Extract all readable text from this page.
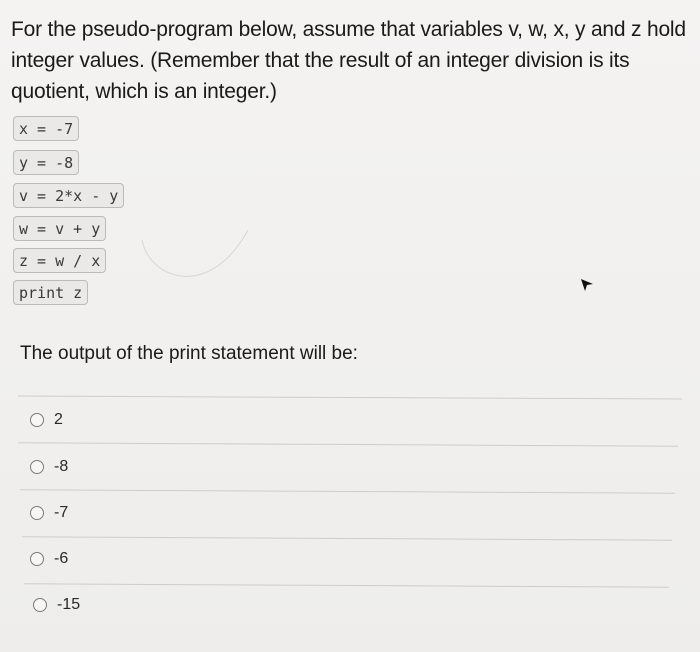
For the pseudo-program below, assume that variables v, w, x, y and z hold integer values. (Remember that the result of an integer division is its quotient, which is an integer.)
x = -7
y = -8
v = 2*x - y
w = v + y
z = w / x
print z
The output of the print statement will be:
2
-8
-7
-6
-15
